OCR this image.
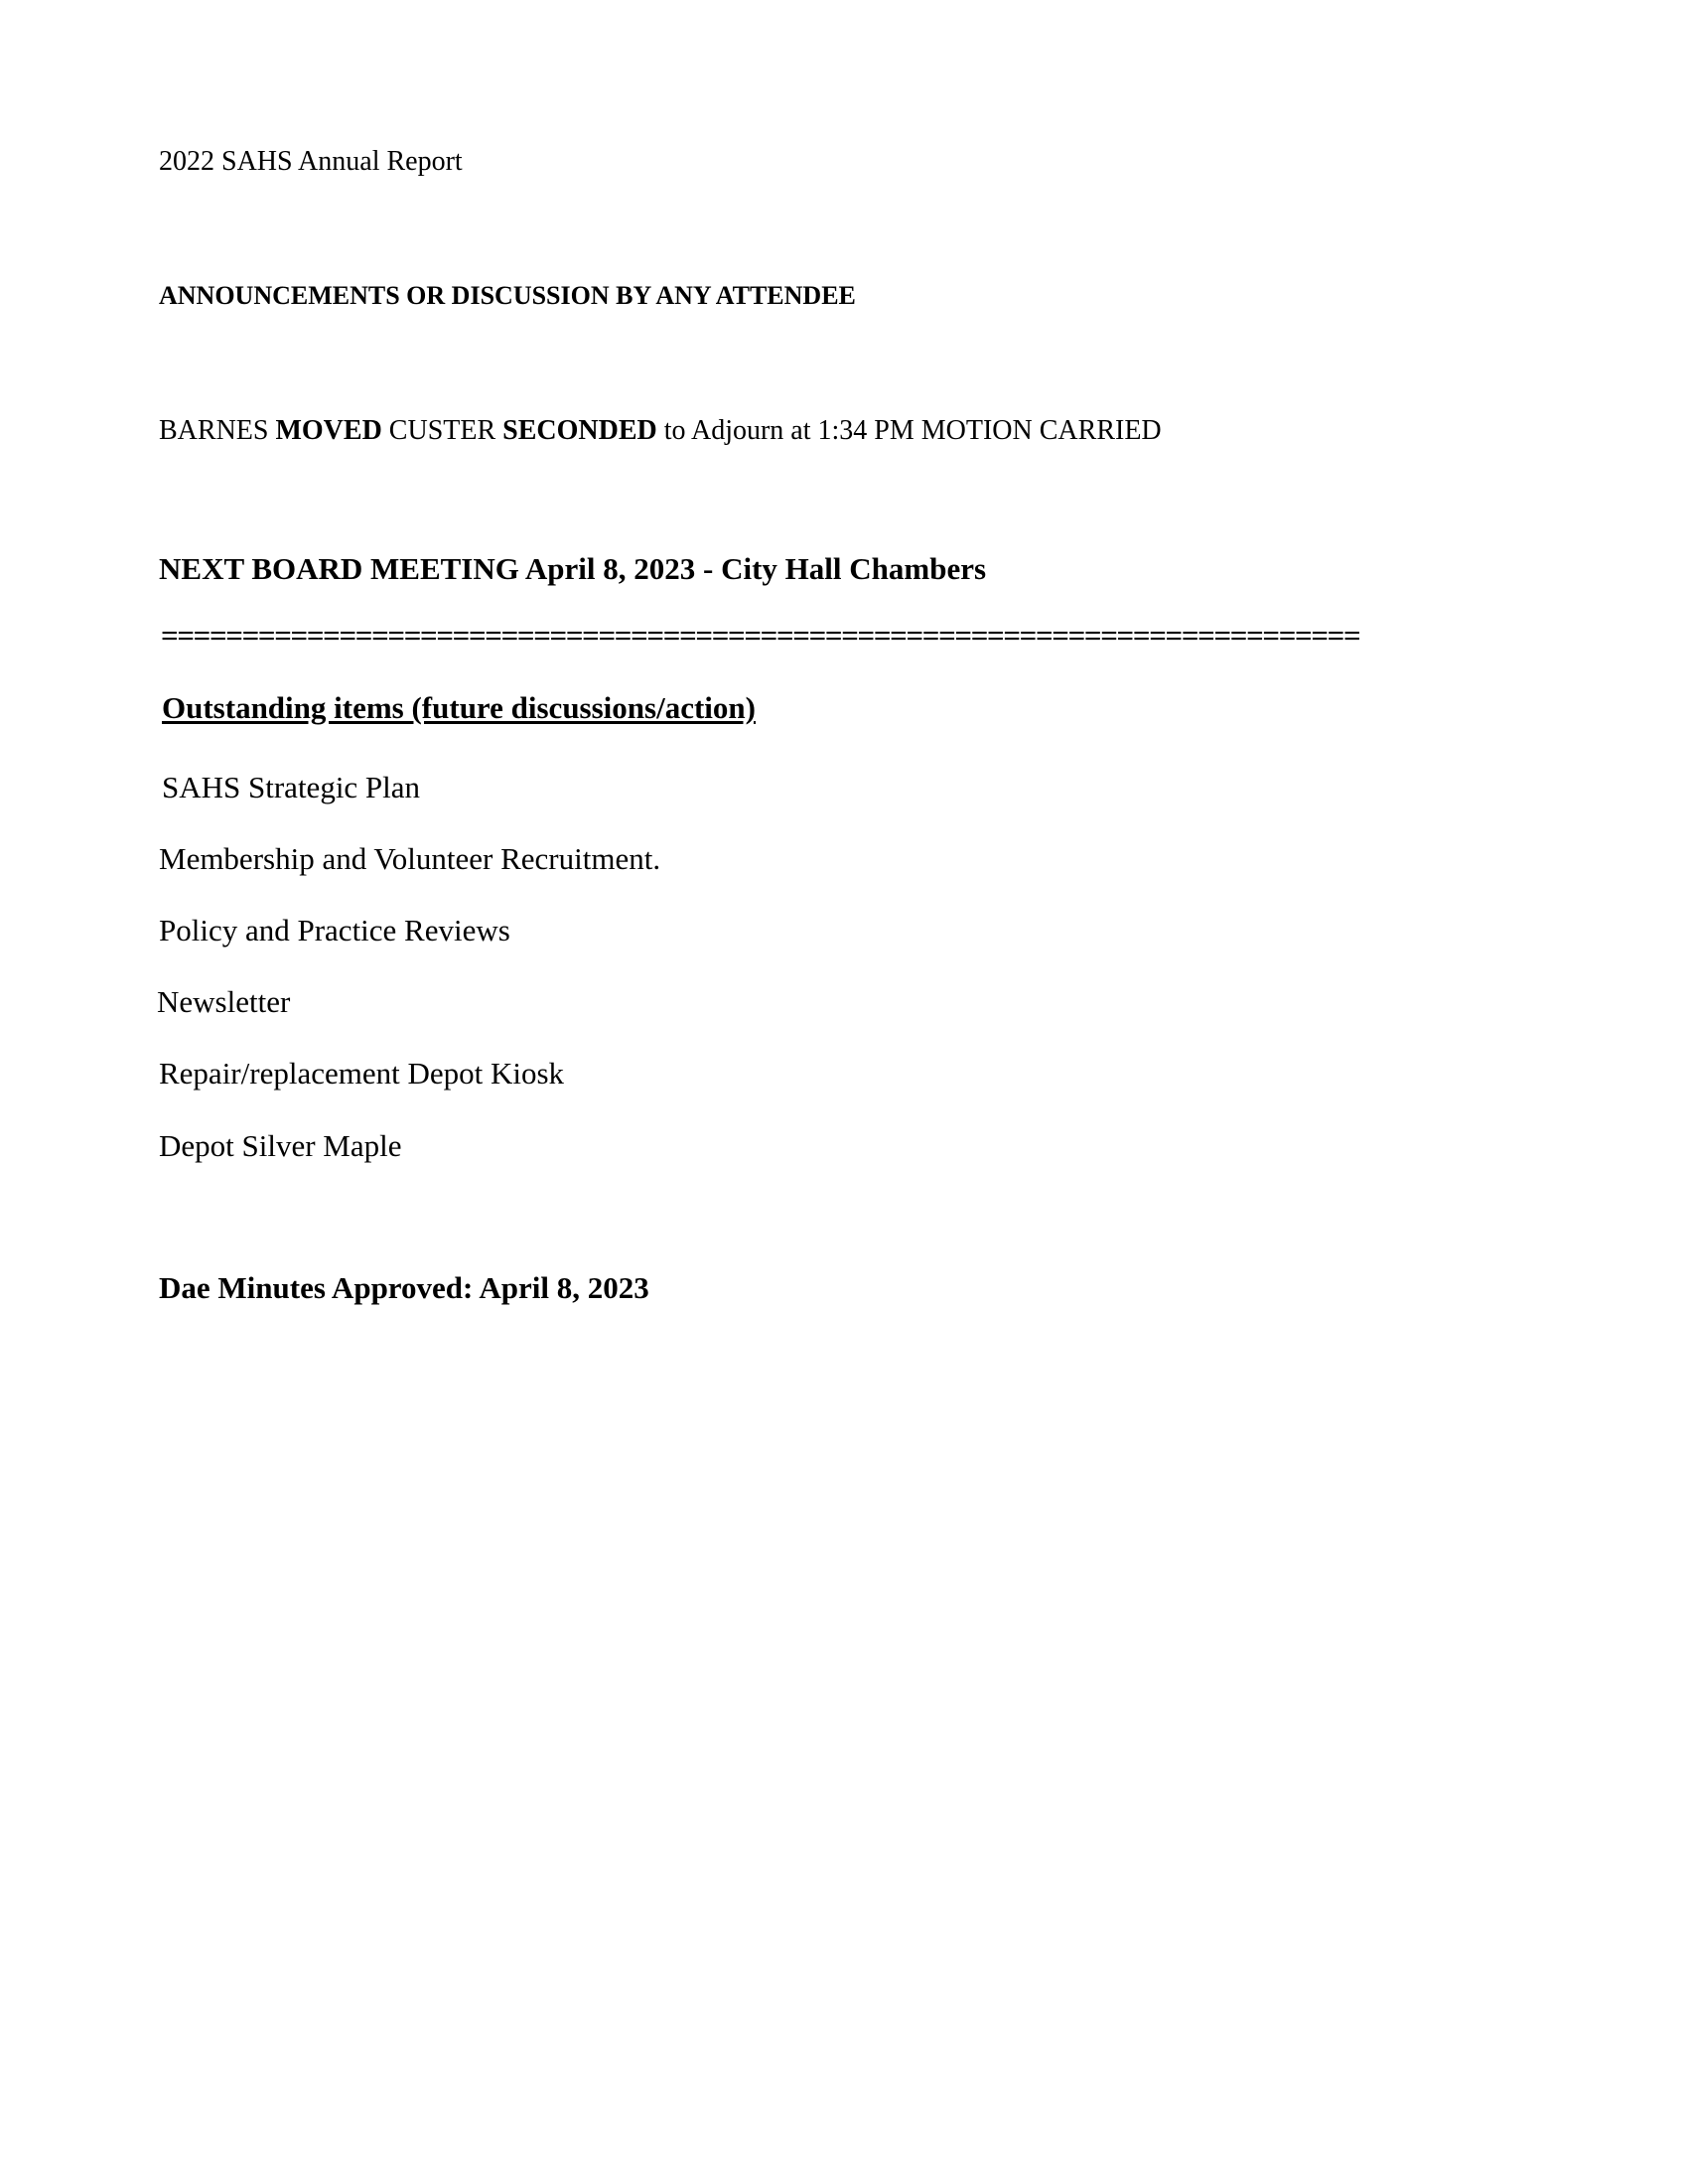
2022 SAHS Annual Report
ANNOUNCEMENTS OR DISCUSSION BY ANY ATTENDEE
BARNES MOVED CUSTER SECONDED to Adjourn at 1:34 PM MOTION CARRIED
NEXT BOARD MEETING April 8, 2023 - City Hall Chambers
==========================================================================
Outstanding items (future discussions/action)
SAHS Strategic Plan
Membership and Volunteer Recruitment.
Policy and Practice Reviews
Newsletter
Repair/replacement Depot Kiosk
Depot Silver Maple
Dae Minutes Approved: April 8, 2023
